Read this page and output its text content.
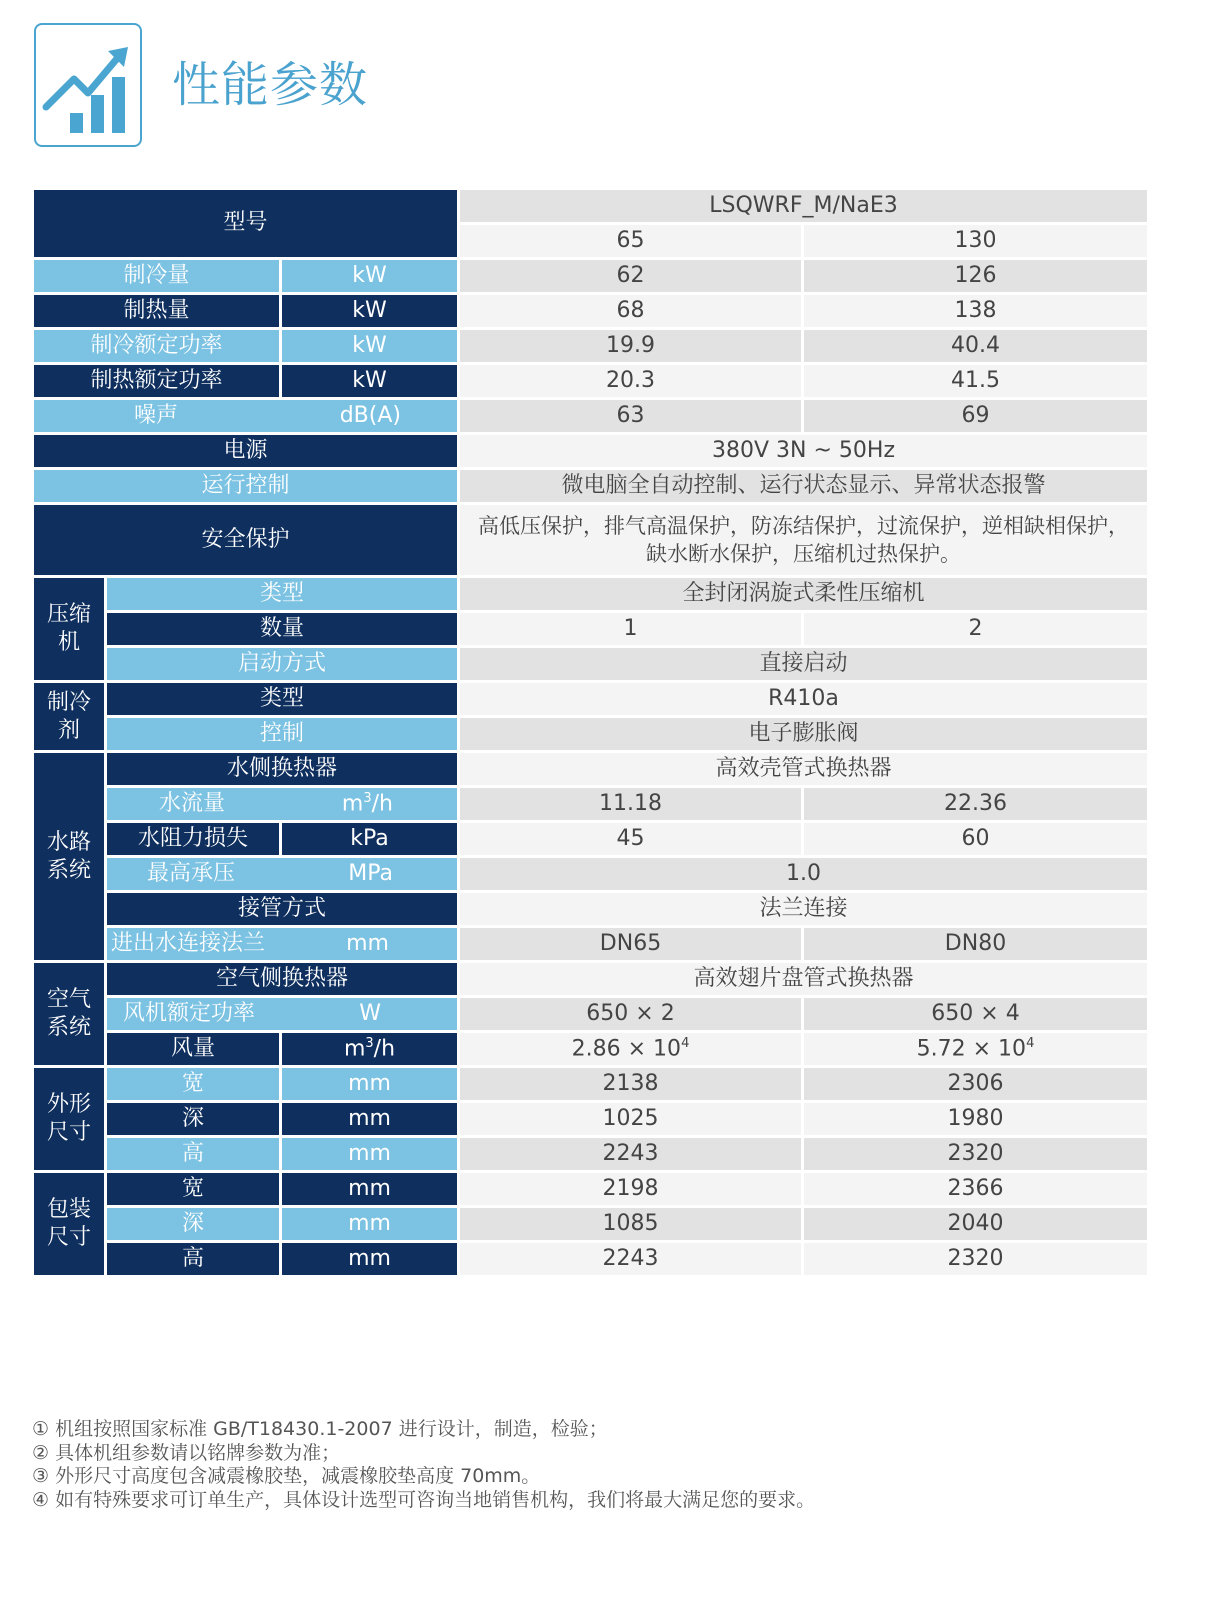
性能参数
型号			LSQWRF_M/NaE3	
			65	130
制冷量		kW	62	126
制热量		kW	68	138
制冷额定功率		kW	19.9	40.4
制热额定功率		kW	20.3	41.5

噪声 dB(A)			63	69
电源			380V 3N ~ 50Hz	
运行控制			微电脑全自动控制、运行状态显示、异常状态报警	
安全保护			高低压保护，排气高温保护，防冻结保护，过流保护，逆相缺相保护，
缺水断水保护，压缩机过热保护。	

压缩
机	类型		全封闭涡旋式柔性压缩机	
	数量		1	2
	启动方式		直接启动	

制冷
剂	类型		R410a	
	控制		电子膨胀阀	

水路
系统	水侧换热器		高效壳管式换热器	

	水流量 $m^3/h$		11.18	22.36
	水阻力损失	kPa	45	60

	最高承压 MPa		1.0	
	接管方式		法兰连接	

	进出水连接法兰 mm		DN65	DN80

空气
系统	空气侧换热器		高效翅片盘管式换热器	

	风机额定功率 W		650 × 2	650 × 4
	风量	$m^3/h$	$2.86 \times 10^4$	$5.72 \times 10^4$

外形
尺寸	宽	mm	2138	2306
	深	mm	1025	1980
	高	mm	2243	2320

包装
尺寸	宽	mm	2198	2366
	深	mm	1085	2040
	高	mm	2243	2320
① 机组按照国家标准 GB/T18430.1-2007 进行设计，制造，检验；
② 具体机组参数请以铭牌参数为准；
③ 外形尺寸高度包含减震橡胶垫，减震橡胶垫高度 70mm。
④ 如有特殊要求可订单生产，具体设计选型可咨询当地销售机构，我们将最大满足您的要求。
